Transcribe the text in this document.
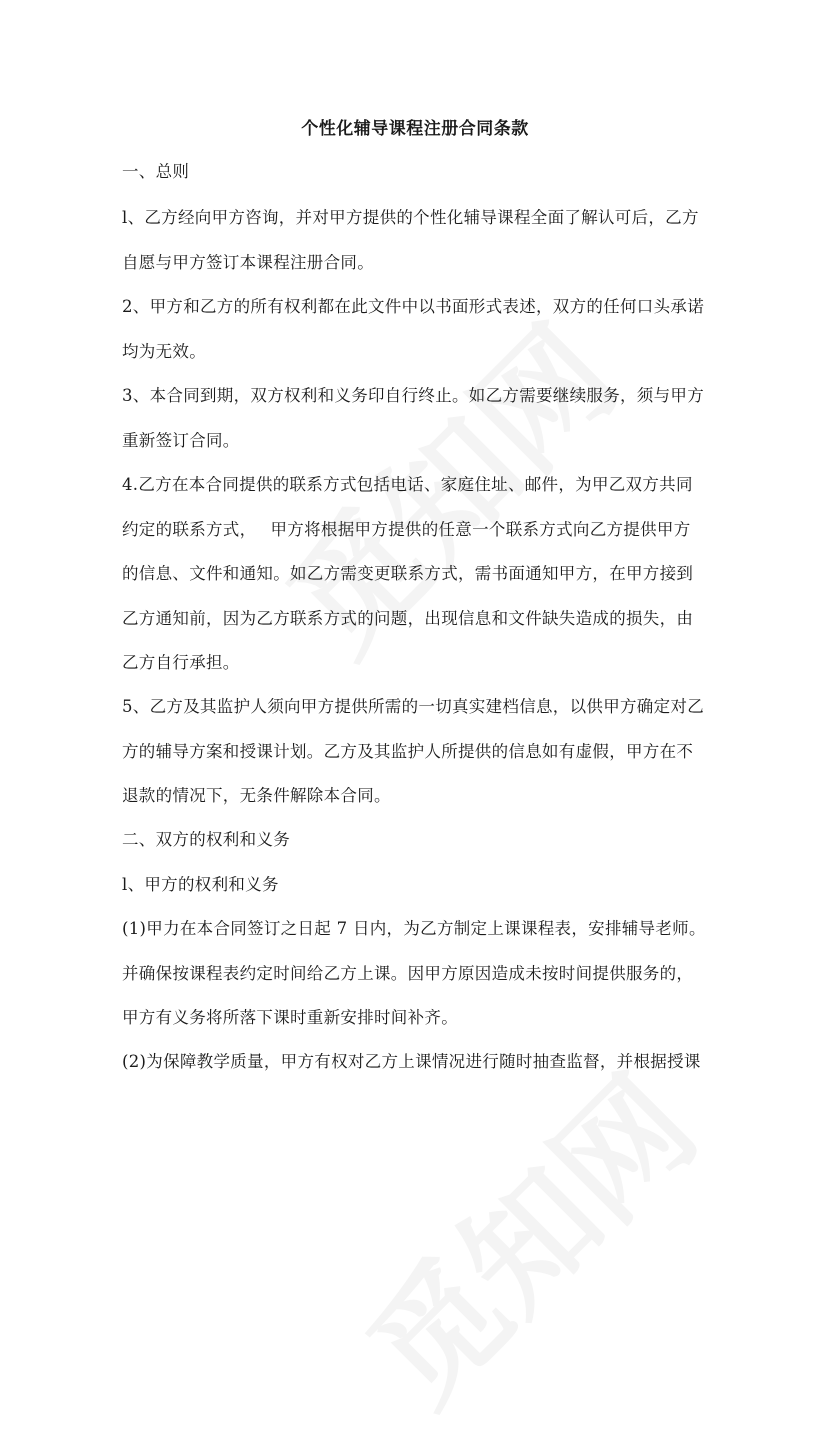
个性化辅导课程注册合同条款
一、总则
l、乙方经向甲方咨询，并对甲方提供的个性化辅导课程全面了解认可后，乙方
自愿与甲方签订本课程注册合同。
2、甲方和乙方的所有权利都在此文件中以书面形式表述，双方的任何口头承诺
均为无效。
3、本合同到期，双方权利和义务印自行终止。如乙方需要继续服务，须与甲方
重新签订合同。
4.乙方在本合同提供的联系方式包括电话、家庭住址、邮件，为甲乙双方共同
约定的联系方式，　 甲方将根据甲方提供的任意一个联系方式向乙方提供甲方
的信息、文件和通知。如乙方需变更联系方式，需书面通知甲方，在甲方接到
乙方通知前，因为乙方联系方式的问题，出现信息和文件缺失造成的损失，由
乙方自行承担。
5、乙方及其监护人须向甲方提供所需的一切真实建档信息，以供甲方确定对乙
方的辅导方案和授课计划。乙方及其监护人所提供的信息如有虚假，甲方在不
退款的情况下，无条件解除本合同。
二、双方的权利和义务
l、甲方的权利和义务
(1)甲力在本合同签订之日起 7 日内，为乙方制定上课课程表，安排辅导老师。
并确保按课程表约定时间给乙方上课。因甲方原因造成未按时间提供服务的，
甲方有义务将所落下课时重新安排时间补齐。
(2)为保障教学质量，甲方有权对乙方上课情况进行随时抽查监督，并根据授课
